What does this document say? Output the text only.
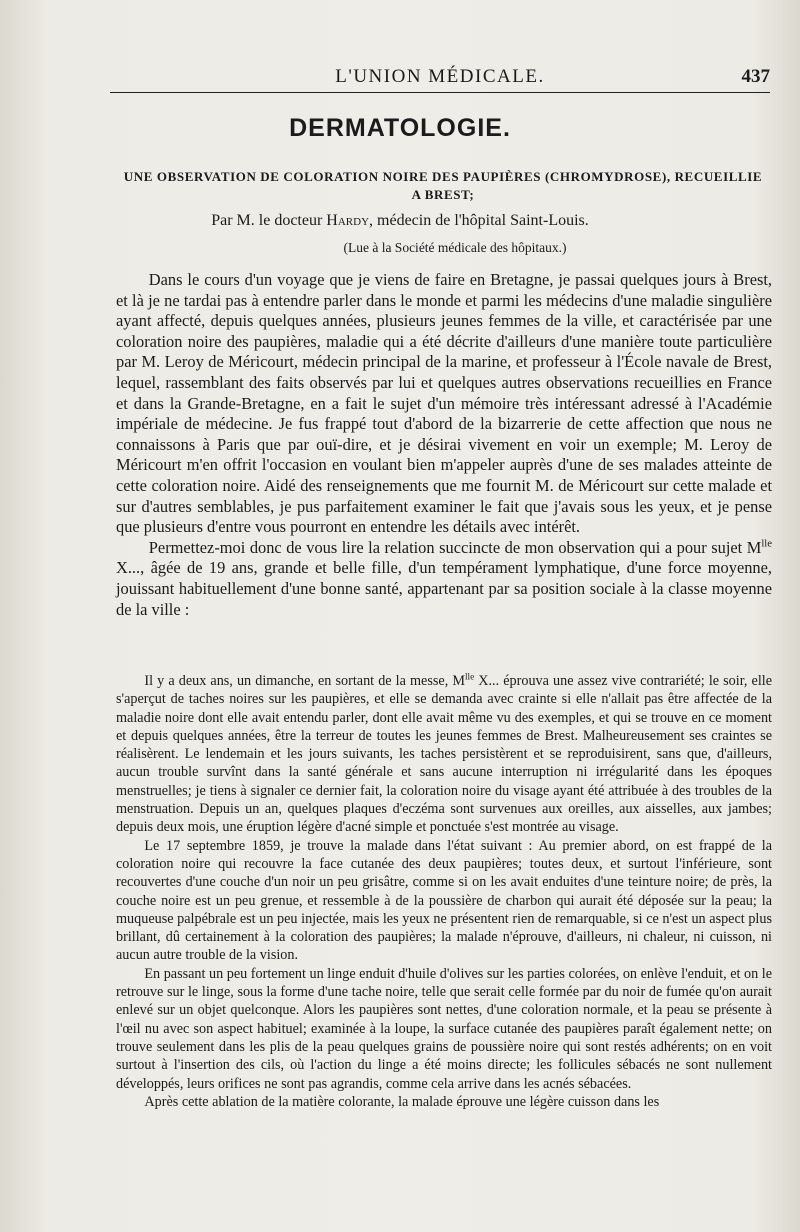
L'UNION MÉDICALE.	437
DERMATOLOGIE.
UNE OBSERVATION DE COLORATION NOIRE DES PAUPIÈRES (CHROMYDROSE), RECUEILLIE
A BREST;
Par M. le docteur Hardy, médecin de l'hôpital Saint-Louis.
(Lue à la Société médicale des hôpitaux.)

Dans le cours d'un voyage que je viens de faire en Bretagne, je passai quelques jours à Brest, et là je ne tardai pas à entendre parler dans le monde et parmi les médecins d'une maladie singulière ayant affecté, depuis quelques années, plusieurs jeunes femmes de la ville, et caractérisée par une coloration noire des paupières, maladie qui a été décrite d'ailleurs d'une manière toute particulière par M. Leroy de Méricourt, médecin principal de la marine, et professeur à l'École navale de Brest, lequel, rassemblant des faits observés par lui et quelques autres observations recueillies en France et dans la Grande-Bretagne, en a fait le sujet d'un mémoire très intéressant adressé à l'Académie impériale de médecine. Je fus frappé tout d'abord de la bizarrerie de cette affection que nous ne connaissons à Paris que par ouï-dire, et je désirai vivement en voir un exemple; M. Leroy de Méricourt m'en offrit l'occasion en voulant bien m'appeler auprès d'une de ses malades atteinte de cette coloration noire. Aidé des renseignements que me fournit M. de Méricourt sur cette malade et sur d'autres semblables, je pus parfaitement examiner le fait que j'avais sous les yeux, et je pense que plusieurs d'entre vous pourront en entendre les détails avec intérêt.

Permettez-moi donc de vous lire la relation succincte de mon observation qui a pour sujet $M^{lle}$ X..., âgée de 19 ans, grande et belle fille, d'un tempérament lymphatique, d'une force moyenne, jouissant habituellement d'une bonne santé, appartenant par sa position sociale à la classe moyenne de la ville :

Il y a deux ans, un dimanche, en sortant de la messe, $M^{lle}$ X... éprouva une assez vive contrariété; le soir, elle s'aperçut de taches noires sur les paupières, et elle se demanda avec crainte si elle n'allait pas être affectée de la maladie noire dont elle avait entendu parler, dont elle avait même vu des exemples, et qui se trouve en ce moment et depuis quelques années, être la terreur de toutes les jeunes femmes de Brest. Malheureusement ses craintes se réalisèrent. Le lendemain et les jours suivants, les taches persistèrent et se reproduisirent, sans que, d'ailleurs, aucun trouble survînt dans la santé générale et sans aucune interruption ni irrégularité dans les époques menstruelles; je tiens à signaler ce dernier fait, la coloration noire du visage ayant été attribuée à des troubles de la menstruation. Depuis un an, quelques plaques d'eczéma sont survenues aux oreilles, aux aisselles, aux jambes; depuis deux mois, une éruption légère d'acné simple et ponctuée s'est montrée au visage.

Le 17 septembre 1859, je trouve la malade dans l'état suivant : Au premier abord, on est frappé de la coloration noire qui recouvre la face cutanée des deux paupières; toutes deux, et surtout l'inférieure, sont recouvertes d'une couche d'un noir un peu grisâtre, comme si on les avait enduites d'une teinture noire; de près, la couche noire est un peu grenue, et ressemble à de la poussière de charbon qui aurait été déposée sur la peau; la muqueuse palpébrale est un peu injectée, mais les yeux ne présentent rien de remarquable, si ce n'est un aspect plus brillant, dû certainement à la coloration des paupières; la malade n'éprouve, d'ailleurs, ni chaleur, ni cuisson, ni aucun autre trouble de la vision.

En passant un peu fortement un linge enduit d'huile d'olives sur les parties colorées, on enlève l'enduit, et on le retrouve sur le linge, sous la forme d'une tache noire, telle que serait celle formée par du noir de fumée qu'on aurait enlevé sur un objet quelconque. Alors les paupières sont nettes, d'une coloration normale, et la peau se présente à l'œil nu avec son aspect habituel; examinée à la loupe, la surface cutanée des paupières paraît également nette; on trouve seulement dans les plis de la peau quelques grains de poussière noire qui sont restés adhérents; on en voit surtout à l'insertion des cils, où l'action du linge a été moins directe; les follicules sébacés ne sont nullement développés, leurs orifices ne sont pas agrandis, comme cela arrive dans les acnés sébacées.

Après cette ablation de la matière colorante, la malade éprouve une légère cuisson dans les
